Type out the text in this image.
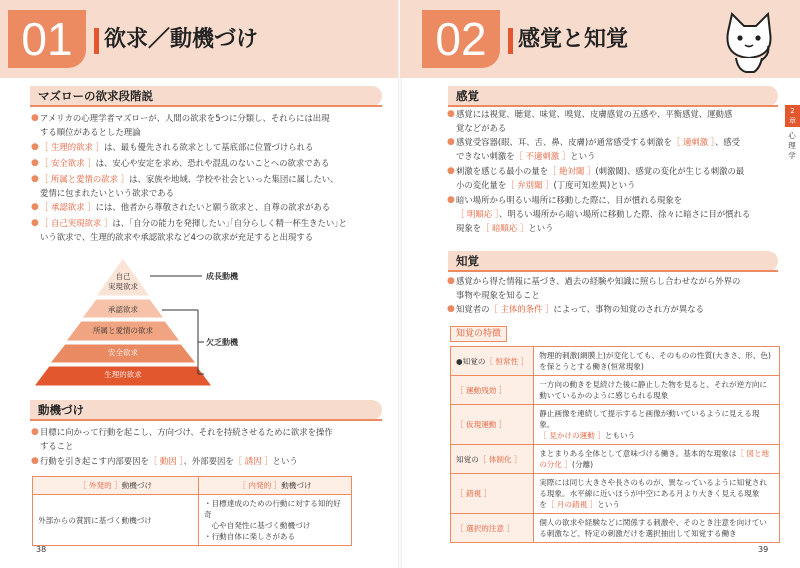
01	欲求／動機づけ
マズローの欲求段階説
● アメリカの心理学者マズローが、人間の欲求を5つに分類し、それらには出現
する順位があるとした理論
● ［ 生理的欲求 ］は、最も優先される欲求として基底部に位置づけられる
● ［ 安全欲求 ］は、安心や安定を求め、恐れや混乱のないことへの欲求である
● ［ 所属と愛情の欲求 ］は、家族や地域、学校や社会といった集団に属したい、
愛情に包まれたいという欲求である
● ［ 承認欲求 ］には、他者から尊敬されたいと願う欲求と、自尊の欲求がある
● ［ 自己実現欲求 ］は、｢自分の能力を発揮したい｣｢自分らしく精一杯生きたい｣と
いう欲求で、生理的欲求や承認欲求など4つの欲求が充足すると出現する
自己
実現欲求
承認欲求
所属と愛情の欲求
安全欲求
生理的欲求
成長動機
欠乏動機
動機づけ
● 目標に向かって行動を起こし、方向づけ、それを持続させるために欲求を操作
すること
● 行動を引き起こす内部要因を［ 動因 ］、外部要因を［ 誘因 ］という
［ 外発的 ］動機づけ	［ 内発的 ］動機づけ
外部からの賞罰に基づく動機づけ	・目標達成のための行動に対する知的好奇
　心や自発性に基づく動機づけ
・行動自体に楽しさがある
38
02	感覚と知覚
2
章
心理学
感覚
● 感覚には視覚、聴覚、味覚、嗅覚、皮膚感覚の五感や、平衡感覚、運動感
覚などがある
● 感覚受容器(眼、耳、舌、鼻、皮膚)が通常感受する刺激を［ 適刺激 ］、感受
できない刺激を［ 不適刺激 ］という
● 刺激を感じる最小の量を［ 絶対閾 ］(刺激閾)、感覚の変化が生じる刺激の最
小の変化量を［ 弁別閾 ］(丁度可知差異)という
● 暗い場所から明るい場所に移動した際に、目が慣れる現象を
［ 明順応 ］、明るい場所から暗い場所に移動した際、徐々に暗さに目が慣れる
現象を［ 暗順応 ］という
知覚
● 感覚から得た情報に基づき、過去の経験や知識に照らし合わせながら外界の
事物や現象を知ること
● 知覚者の［ 主体的条件 ］によって、事物の知覚のされ方が異なる
知覚の特徴
●知覚の［ 恒常性 ］	物理的刺激(網膜上)が変化しても、そのものの性質(大きさ、形、色)
を保とうとする働き(恒常現象)

［ 運動残効 ］	一方向の動きを見続けた後に静止した物を見ると、それが逆方向に
動いているかのように感じられる現象

［ 仮現運動 ］	静止画像を連続して提示すると画像が動いているように見える現象。
［ 見かけの運動 ］ともいう

知覚の［ 体制化 ］	まとまりある全体として意味づける働き。基本的な現象は［ 図と地
の分化 ］(分離)

［ 錯視 ］	実際には同じ大きさや長さのものが、異なっているように知覚され
る現象。水平線に近いほうが中空にある月より大きく見える現象
を［ 月の錯視 ］という

［ 選択的注意 ］	個人の欲求や経験などに関係する刺激や、そのとき注意を向けてい
る刺激など、特定の刺激だけを選択抽出して知覚する働き
39
